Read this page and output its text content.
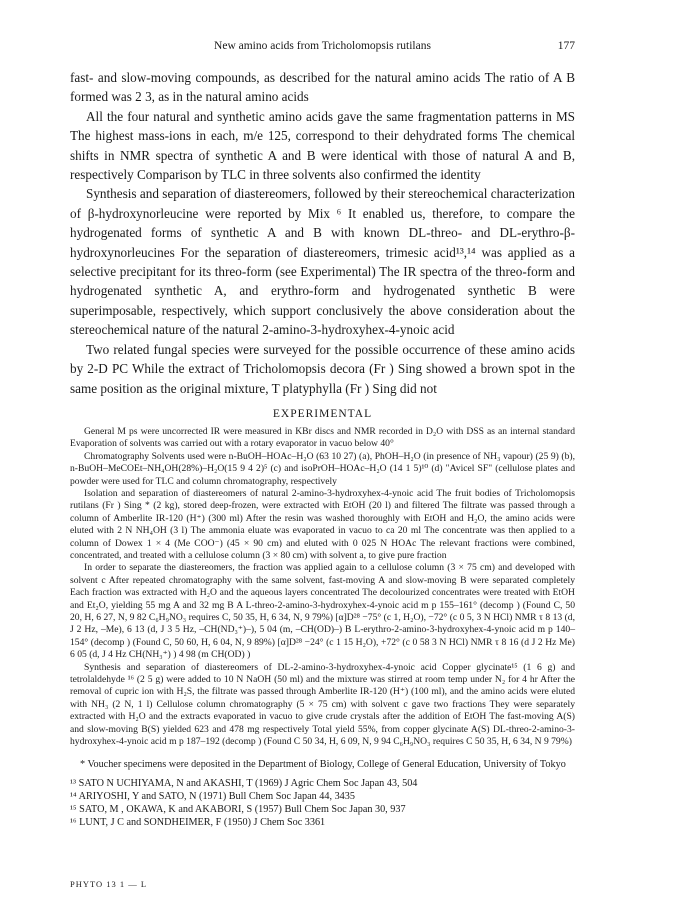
New amino acids from Tricholomopsis rutilans	177

fast- and slow-moving compounds, as described for the natural amino acids The ratio of A B formed was 2 3, as in the natural amino acids

All the four natural and synthetic amino acids gave the same fragmentation patterns in MS The highest mass-ions in each, m/e 125, correspond to their dehydrated forms The chemical shifts in NMR spectra of synthetic A and B were identical with those of natural A and B, respectively Comparison by TLC in three solvents also confirmed the identity

Synthesis and separation of diastereomers, followed by their stereochemical characterization of β-hydroxynorleucine were reported by Mix ⁶ It enabled us, therefore, to compare the hydrogenated forms of synthetic A and B with known DL-threo- and DL-erythro-β-hydroxynorleucines For the separation of diastereomers, trimesic acid¹³,¹⁴ was applied as a selective precipitant for its threo-form (see Experimental) The IR spectra of the threo-form and hydrogenated synthetic A, and erythro-form and hydrogenated synthetic B were superimposable, respectively, which support conclusively the above consideration about the stereochemical nature of the natural 2-amino-3-hydroxyhex-4-ynoic acid

Two related fungal species were surveyed for the possible occurrence of these amino acids by 2-D PC While the extract of Tricholomopsis decora (Fr ) Sing showed a brown spot in the same position as the original mixture, T platyphylla (Fr ) Sing did not

EXPERIMENTAL

General M ps were uncorrected IR were measured in KBr discs and NMR recorded in D₂O with DSS as an internal standard Evaporation of solvents was carried out with a rotary evaporator in vacuo below 40°

Chromatography Solvents used were n-BuOH–HOAc–H₂O (63 10 27) (a), PhOH–H₂O (in presence of NH₃ vapour) (25 9) (b), n-BuOH–MeCOEt–NH₄OH(28%)–H₂O(15 9 4 2)⁵ (c) and isoPrOH–HOAc–H₂O (14 1 5)¹⁰ (d) "Avicel SF" (cellulose plates and powder were used for TLC and column chromatography, respectively

Isolation and separation of diastereomers of natural 2-amino-3-hydroxyhex-4-ynoic acid The fruit bodies of Tricholomopsis rutilans (Fr ) Sing * (2 kg), stored deep-frozen, were extracted with EtOH (20 l) and filtered The filtrate was passed through a column of Amberlite IR-120 (H⁺) (300 ml) After the resin was washed thoroughly with EtOH and H₂O, the amino acids were eluted with 2 N NH₄OH (3 l) The ammonia eluate was evaporated in vacuo to ca 20 ml The concentrate was then applied to a column of Dowex 1 × 4 (Me COO⁻) (45 × 90 cm) and eluted with 0 025 N HOAc The relevant fractions were combined, concentrated, and treated with a cellulose column (3 × 80 cm) with solvent a, to give pure fraction

In order to separate the diastereomers, the fraction was applied again to a cellulose column (3 × 75 cm) and developed with solvent c After repeated chromatography with the same solvent, fast-moving A and slow-moving B were separated completely Each fraction was extracted with H₂O and the aqueous layers concentrated The decolourized concentrates were treated with EtOH and Et₂O, yielding 55 mg A and 32 mg B A L-threo-2-amino-3-hydroxyhex-4-ynoic acid m p 155–161° (decomp ) (Found C, 50 20, H, 6 27, N, 9 82 C₆H₉NO₃ requires C, 50 35, H, 6 34, N, 9 79%) [α]D²⁸ −75° (c 1, H₂O), −72° (c 0 5, 3 N HCl) NMR τ 8 13 (d, J 2 Hz, –Me), 6 13 (d, J 3 5 Hz, –CH(ND₃⁺)–), 5 04 (m, –CH(OD)–) B L-erythro-2-amino-3-hydroxyhex-4-ynoic acid m p 140–154° (decomp ) (Found C, 50 60, H, 6 04, N, 9 89%) [α]D²⁸ −24° (c 1 15 H₂O), +72° (c 0 58 3 N HCl) NMR τ 8 16 (d J 2 Hz Me) 6 05 (d, J 4 Hz CH(NH₃⁺) ) 4 98 (m CH(OD) )

Synthesis and separation of diastereomers of DL-2-amino-3-hydroxyhex-4-ynoic acid Copper glycinate¹⁵ (1 6 g) and tetrolaldehyde ¹⁶ (2 5 g) were added to 10 N NaOH (50 ml) and the mixture was stirred at room temp under N₂ for 4 hr After the removal of cupric ion with H₂S, the filtrate was passed through Amberlite IR-120 (H⁺) (100 ml), and the amino acids were eluted with NH₃ (2 N, 1 l) Cellulose column chromatography (5 × 75 cm) with solvent c gave two fractions They were separately extracted with H₂O and the extracts evaporated in vacuo to give crude crystals after the addition of EtOH The fast-moving A(S) and slow-moving B(S) yielded 623 and 478 mg respectively Total yield 55%, from copper glycinate A(S) DL-threo-2-amino-3-hydroxyhex-4-ynoic acid m p 187–192 (decomp ) (Found C 50 34, H, 6 09, N, 9 94 C₆H₉NO₃ requires C 50 35, H, 6 34, N 9 79%)

* Voucher specimens were deposited in the Department of Biology, College of General Education, University of Tokyo

¹³ SATO N UCHIYAMA, N and AKASHI, T (1969) J Agric Chem Soc Japan 43, 504

¹⁴ ARIYOSHI, Y and SATO, N (1971) Bull Chem Soc Japan 44, 3435

¹⁵ SATO, M , OKAWA, K and AKABORI, S (1957) Bull Chem Soc Japan 30, 937

¹⁶ LUNT, J C and SONDHEIMER, F (1950) J Chem Soc 3361

PHYTO 13 1 — L
